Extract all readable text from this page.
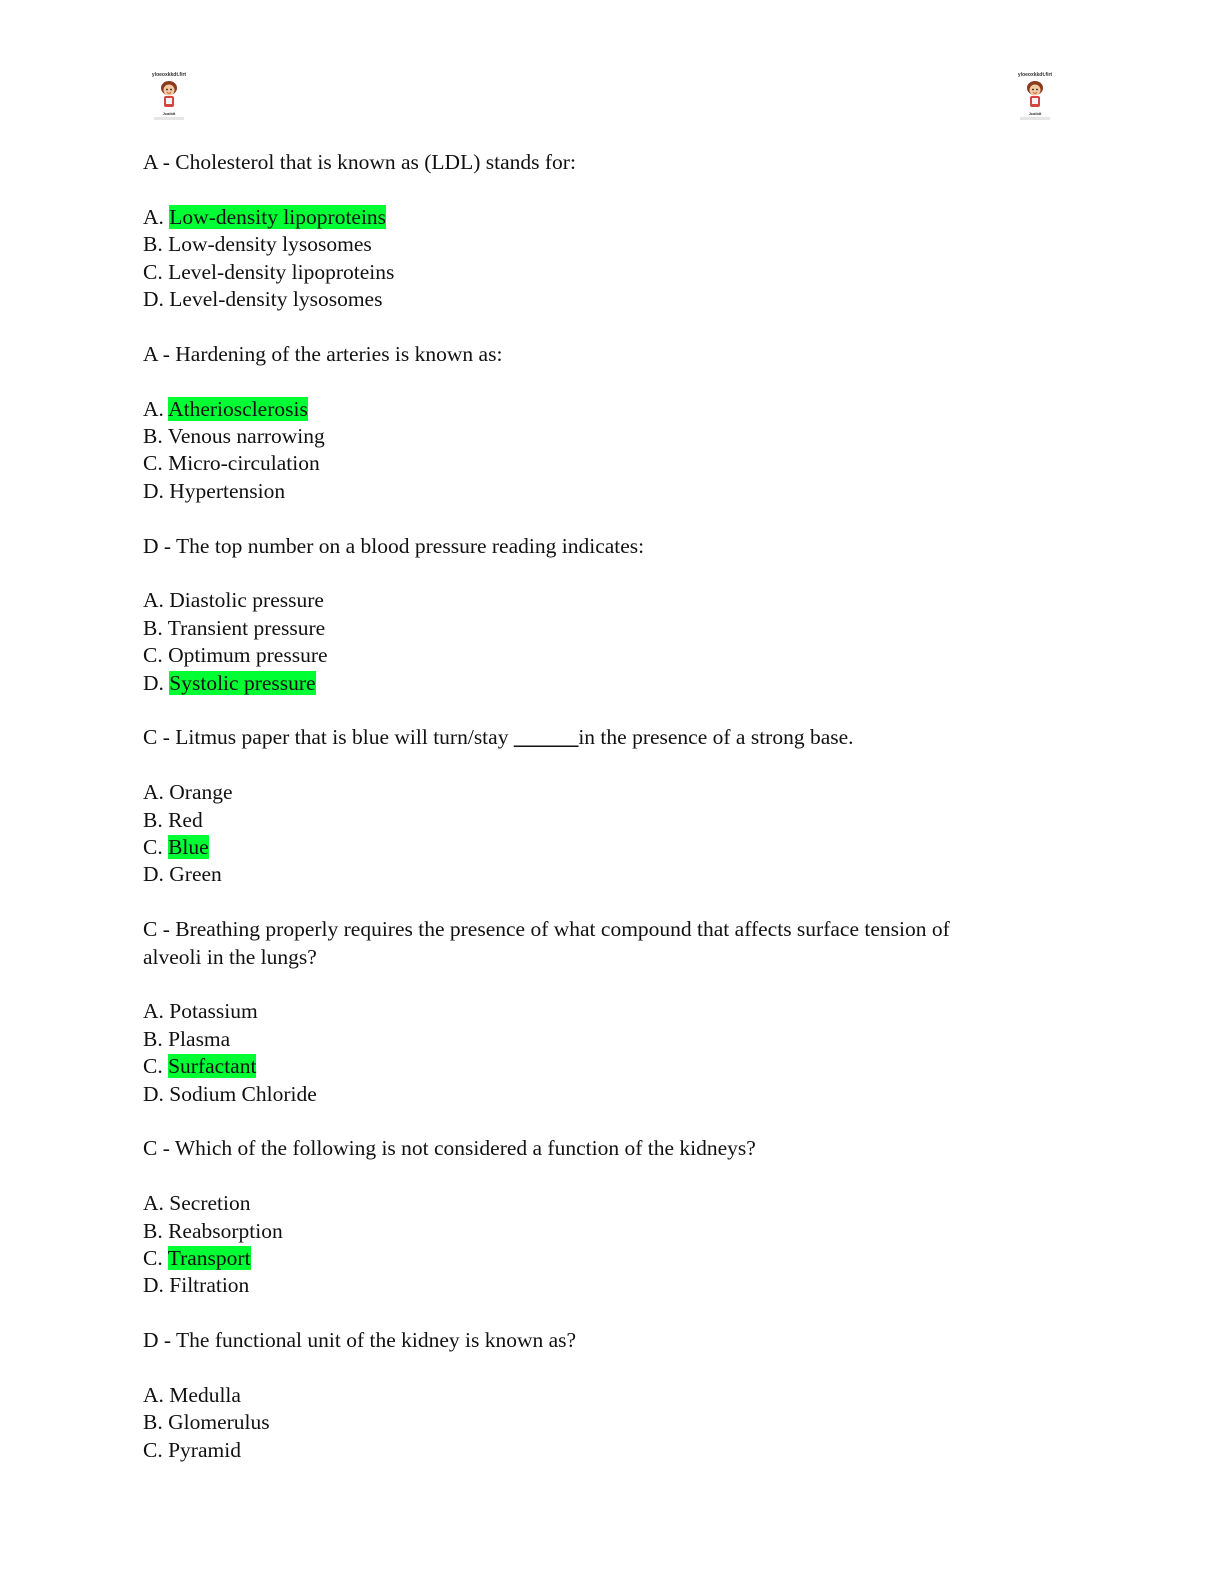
yloeoxkkdt.firt
Jcalidt
yloeoxkkdt.firt
Jcalidt
A - Cholesterol that is known as (LDL) stands for:
A. Low-density lipoproteins
B. Low-density lysosomes
C. Level-density lipoproteins
D. Level-density lysosomes
A - Hardening of the arteries is known as:
A. Atheriosclerosis
B. Venous narrowing
C. Micro-circulation
D. Hypertension
D - The top number on a blood pressure reading indicates:
A. Diastolic pressure
B. Transient pressure
C. Optimum pressure
D. Systolic pressure
C - Litmus paper that is blue will turn/stay ______in the presence of a strong base.
A. Orange
B. Red
C. Blue
D. Green
C - Breathing properly requires the presence of what compound that affects surface tension of
alveoli in the lungs?
A. Potassium
B. Plasma
C. Surfactant
D. Sodium Chloride
C - Which of the following is not considered a function of the kidneys?
A. Secretion
B. Reabsorption
C. Transport
D. Filtration
D - The functional unit of the kidney is known as?
A. Medulla
B. Glomerulus
C. Pyramid
